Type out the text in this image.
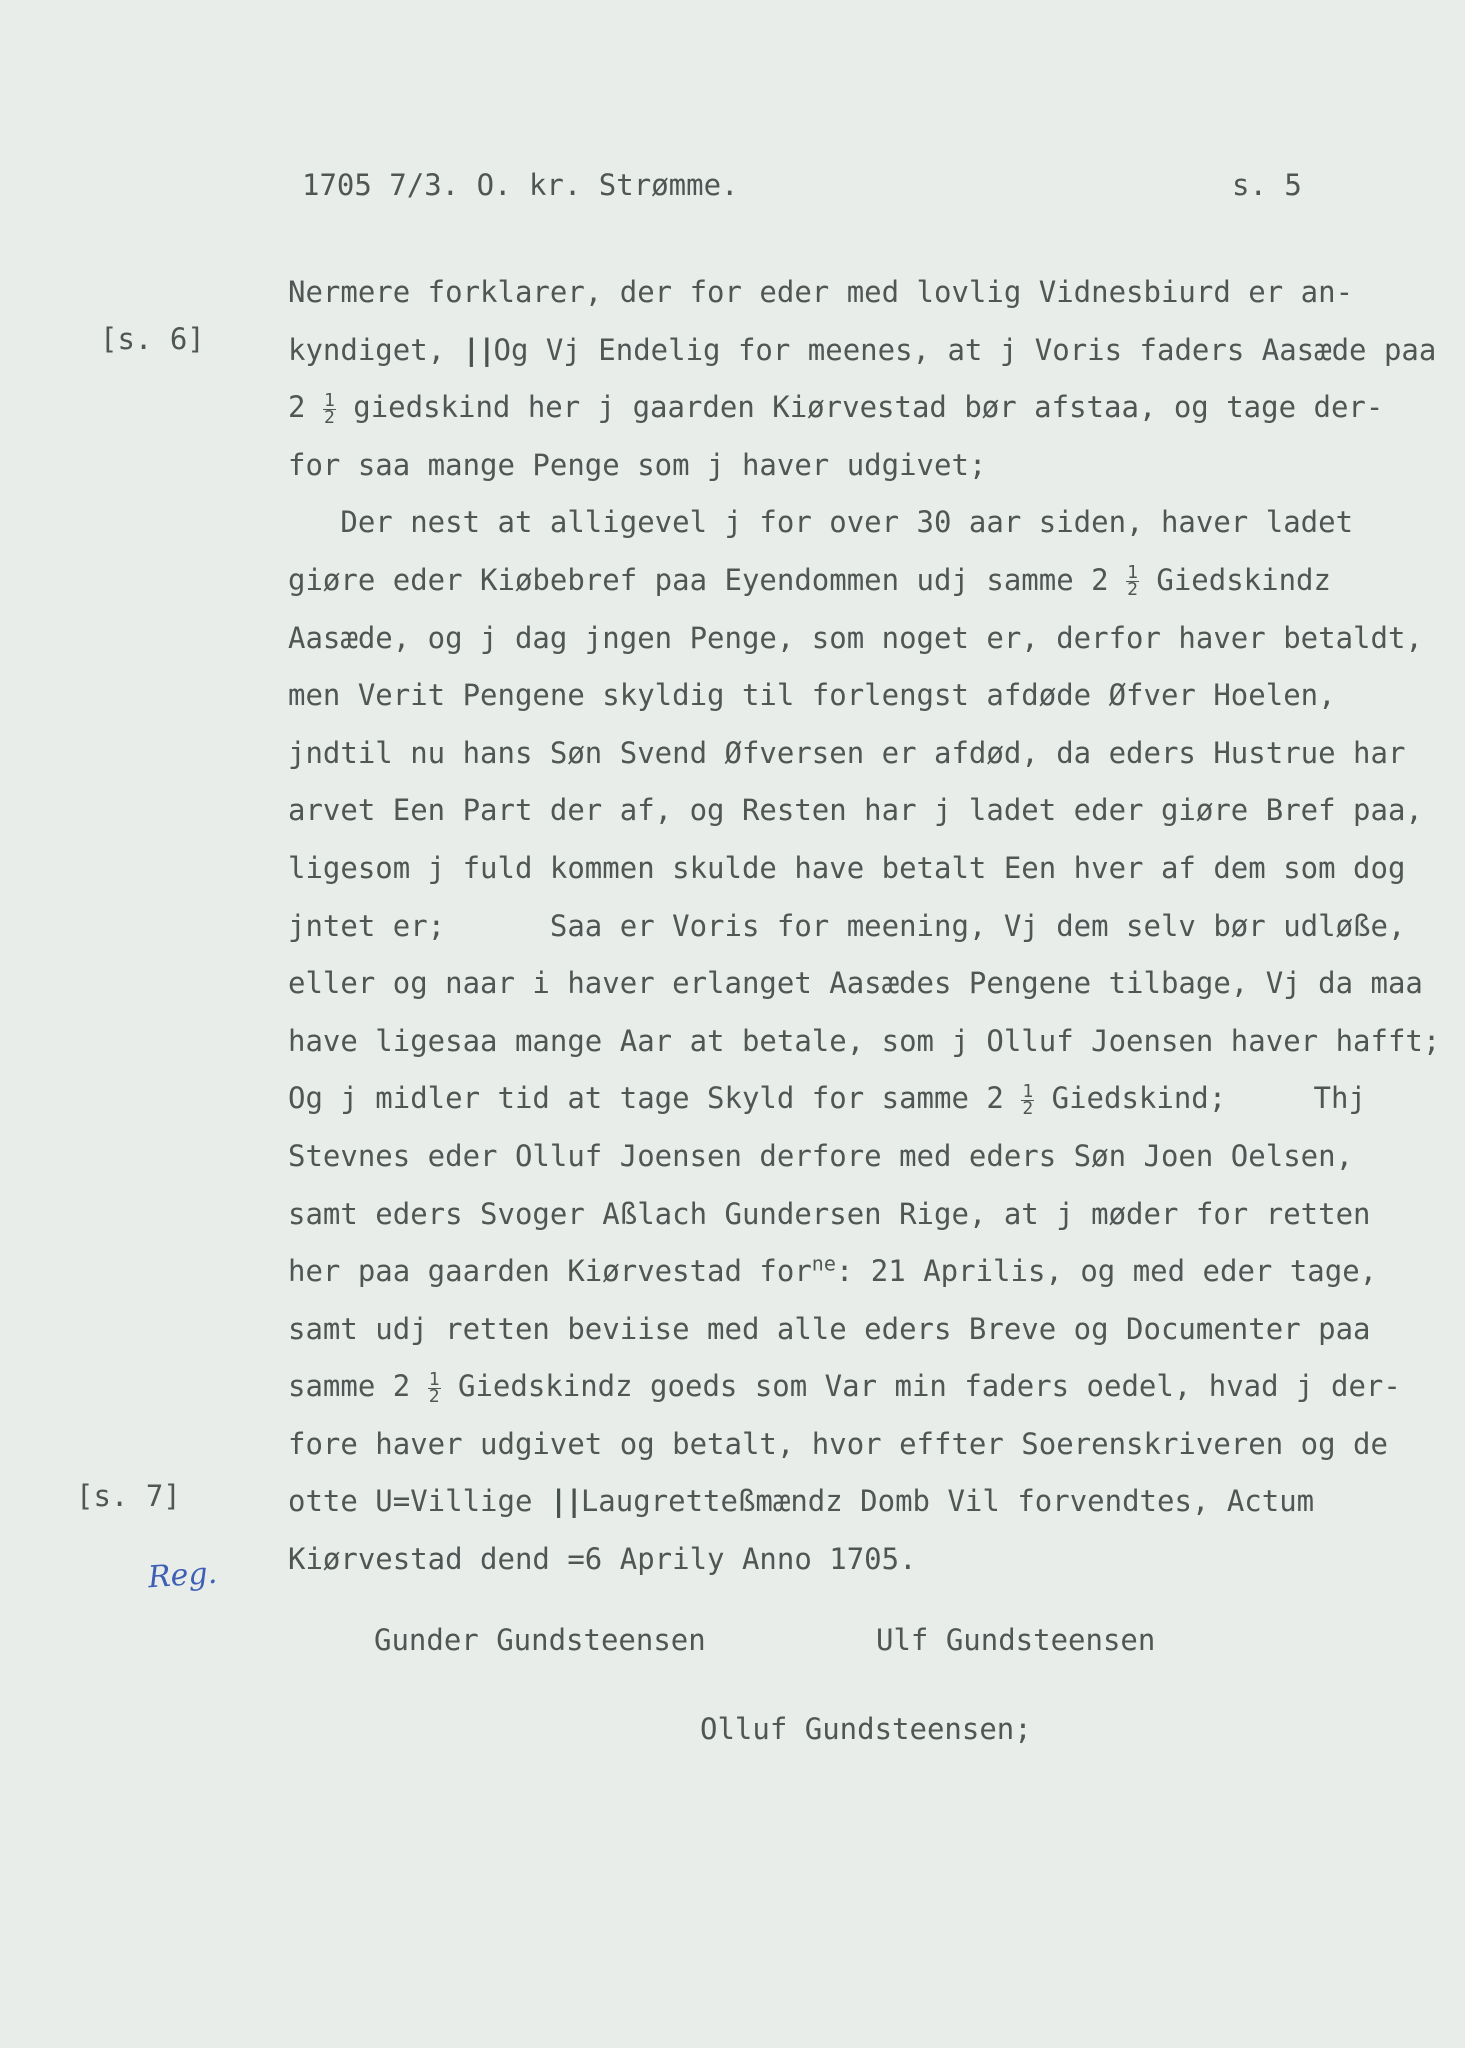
1705 7/3. O. kr. Strømme.	s. 5
[s. 6]
[s. 7]
Reg.
Nermere forklarer, der for eder med lovlig Vidnesbiurd er an-
kyndiget, ||Og Vj Endelig for meenes, at j Voris faders Aasæde paa
$2 \frac{1}{2}$ giedskind her j gaarden Kiørvestad bør afstaa, og tage der-
for saa mange Penge som j haver udgivet;
Der nest at alligevel j for over 30 aar siden, haver ladet
giøre eder Kiøbebref paa Eyendommen udj samme $2 \frac{1}{2}$ Giedskindz
Aasæde, og j dag jngen Penge, som noget er, derfor haver betaldt,
men Verit Pengene skyldig til forlengst afdøde Øfver Hoelen,
jndtil nu hans Søn Svend Øfversen er afdød, da eders Hustrue har
arvet Een Part der af, og Resten har j ladet eder giøre Bref paa,
ligesom j fuld kommen skulde have betalt Een hver af dem som dog
jntet er;      Saa er Voris for meening, Vj dem selv bør udløße,
eller og naar i haver erlanget Aasædes Pengene tilbage, Vj da maa
have ligesaa mange Aar at betale, som j Olluf Joensen haver hafft;
Og j midler tid at tage Skyld for samme $2 \frac{1}{2}$ Giedskind;     Thj
Stevnes eder Olluf Joensen derfore med eders Søn Joen Oelsen,
samt eders Svoger Aßlach Gundersen Rige, at j møder for retten
her paa gaarden Kiørvestad for$^{ne}$: 21 Aprilis, og med eder tage,
samt udj retten beviise med alle eders Breve og Documenter paa
samme $2 \frac{1}{2}$ Giedskindz goeds som Var min faders oedel, hvad j der-
fore haver udgivet og betalt, hvor effter Soerenskriveren og de
otte U=Villige ||Laugretteßmændz Domb Vil forvendtes, Actum
Kiørvestad dend =6 Aprily Anno 1705.
Gunder Gundsteensen	Ulf Gundsteensen
Olluf Gundsteensen;
